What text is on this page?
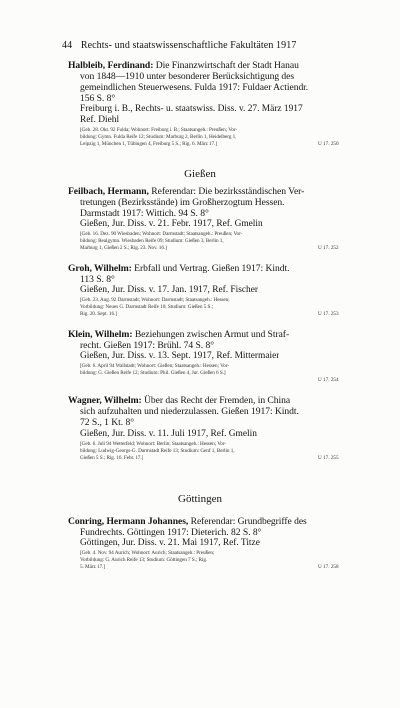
44 Rechts- und staatswissenschaftliche Fakultäten 1917
Halbleib, Ferdinand: Die Finanzwirtschaft der Stadt Hanau
von 1848—1910 unter besonderer Berücksichtigung des
gemeindlichen Steuerwesens. Fulda 1917: Fuldaer Actiendr.
156 S. 8°
Freiburg i. B., Rechts- u. staatswiss. Diss. v. 27. März 1917
Ref. Diehl
[Geb. 28. Okt. 92 Fulda; Wohnort: Freiburg i. B.; Staatsangeh.: Preußen; Vor-
bildung: Gymn. Fulda Reife 12; Studium: Marburg 2, Berlin 1, Heidelberg 1,
Leipzig 1, München 1, Tübingen 4, Freiburg 5 S.; Rig. 6. März 17.]	U 17. 250
Gießen
Feilbach, Hermann, Referendar: Die bezirksständischen Ver-
tretungen (Bezirksstände) im Großherzogtum Hessen.
Darmstadt 1917: Wittich. 94 S. 8°
Gießen, Jur. Diss. v. 21. Febr. 1917, Ref. Gmelin
[Geb. 16. Dez. 90 Wiesbaden; Wohnort: Darmstadt; Staatsangeh.: Preußen; Vor-
bildung: Realgymn. Wiesbaden Reife 09; Studium: Gießen 3, Berlin 1,
Marburg 1, Gießen 2 S.; Rig. 23. Nov. 16.]	U 17. 252
Groh, Wilhelm: Erbfall und Vertrag. Gießen 1917: Kindt.
113 S. 8°
Gießen, Jur. Diss. v. 17. Jan. 1917, Ref. Fischer
[Geb. 23. Aug. 92 Darmstadt; Wohnort: Darmstadt; Staatsangeh.: Hessen;
Vorbildung: Neues G. Darmstadt Reife 10; Studium: Gießen 5 S.;
Rig. 20. Sept. 16.]	U 17. 253
Klein, Wilhelm: Beziehungen zwischen Armut und Straf-
recht. Gießen 1917: Brühl. 74 S. 8°
Gießen, Jur. Diss. v. 13. Sept. 1917, Ref. Mittermaier
[Geb. 6. April 94 Wallstadt; Wohnort: Gießen; Staatsangeh.: Hessen; Vor-
bildung: G. Gießen Reife 12; Studium: Phil. Gießen 4, Jur. Gießen 6 S.]
U 17. 254
Wagner, Wilhelm: Über das Recht der Fremden, in China
sich aufzuhalten und niederzulassen. Gießen 1917: Kindt.
72 S., 1 Kt. 8°
Gießen, Jur. Diss. v. 11. Juli 1917, Ref. Gmelin
[Geb. 6. Juli 94 Wetterfeld; Wohnort: Berlin; Staatsangeh.: Hessen; Vor-
bildung: Ludwig-Georgs-G. Darmstadt Reife 13; Studium: Genf 1, Berlin 1,
Gießen 5 S.; Rig. 16. Febr. 17.]	U 17. 255
Göttingen
Conring, Hermann Johannes, Referendar: Grundbegriffe des
Fundrechts. Göttingen 1917: Dieterich. 82 S. 8°
Göttingen, Jur. Diss. v. 21. Mai 1917, Ref. Titze
[Geb. 4. Nov. 94 Aurich; Wohnort: Aurich; Staatsangeh.: Preußen;
Vorbildung: G. Aurich Reife 13; Studium: Göttingen 7 S.; Rig.
5. März 17.]	U 17. 258
